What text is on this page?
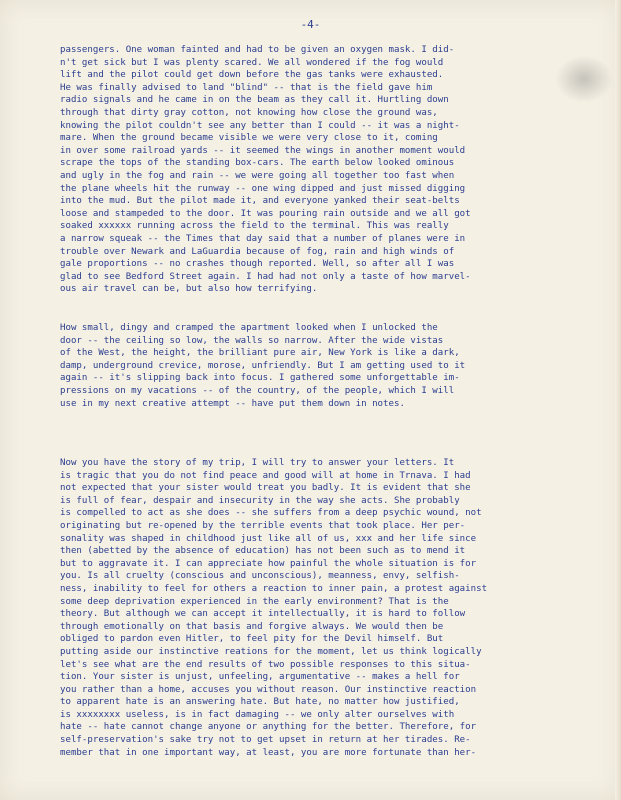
-4-
passengers. One woman fainted and had to be given an oxygen mask. I did-
n't get sick but I was plenty scared. We all wondered if the fog would
lift and the pilot could get down before the gas tanks were exhausted.
He was finally advised to land "blind" -- that is the field gave him
radio signals and he came in on the beam as they call it. Hurtling down
through that dirty gray cotton, not knowing how close the ground was,
knowing the pilot couldn't see any better than I could -- it was a night-
mare. When the ground became visible we were very close to it, coming
in over some railroad yards -- it seemed the wings in another moment would
scrape the tops of the standing box-cars. The earth below looked ominous
and ugly in the fog and rain -- we were going all together too fast when
the plane wheels hit the runway -- one wing dipped and just missed digging
into the mud. But the pilot made it, and everyone yanked their seat-belts
loose and stampeded to the door. It was pouring rain outside and we all got
soaked xxxxxx running across the field to the terminal. This was really
a narrow squeak -- the Times that day said that a number of planes were in
trouble over Newark and LaGuardia because of fog, rain and high winds of
gale proportions -- no crashes though reported. Well, so after all I was
glad to see Bedford Street again. I had had not only a taste of how marvel-
ous air travel can be, but also how terrifying.
How small, dingy and cramped the apartment looked when I unlocked the
door -- the ceiling so low, the walls so narrow. After the wide vistas
of the West, the height, the brilliant pure air, New York is like a dark,
damp, underground crevice, morose, unfriendly. But I am getting used to it
again -- it's slipping back into focus. I gathered some unforgettable im-
pressions on my vacations -- of the country, of the people, which I will
use in my next creative attempt -- have put them down in notes.
Now you have the story of my trip, I will try to answer your letters. It
is tragic that you do not find peace and good will at home in Trnava. I had
not expected that your sister would treat you badly. It is evident that she
is full of fear, despair and insecurity in the way she acts. She probably
is compelled to act as she does -- she suffers from a deep psychic wound, not
originating but re-opened by the terrible events that took place. Her per-
sonality was shaped in childhood just like all of us, xxx and her life since
then (abetted by the absence of education) has not been such as to mend it
but to aggravate it. I can appreciate how painful the whole situation is for
you. Is all cruelty (conscious and unconscious), meanness, envy, selfish-
ness, inability to feel for others a reaction to inner pain, a protest against
some deep deprivation experienced in the early environment? That is the
theory. But although we can accept it intellectually, it is hard to follow
through emotionally on that basis and forgive always. We would then be
obliged to pardon even Hitler, to feel pity for the Devil himself. But
putting aside our instinctive reations for the moment, let us think logically
let's see what are the end results of two possible responses to this situa-
tion. Your sister is unjust, unfeeling, argumentative -- makes a hell for
you rather than a home, accuses you without reason. Our instinctive reaction
to apparent hate is an answering hate. But hate, no matter how justified,
is xxxxxxxx useless, is in fact damaging -- we only alter ourselves with
hate -- hate cannot change anyone or anything for the better. Therefore, for
self-preservation's sake try not to get upset in return at her tirades. Re-
member that in one important way, at least, you are more fortunate than her-
